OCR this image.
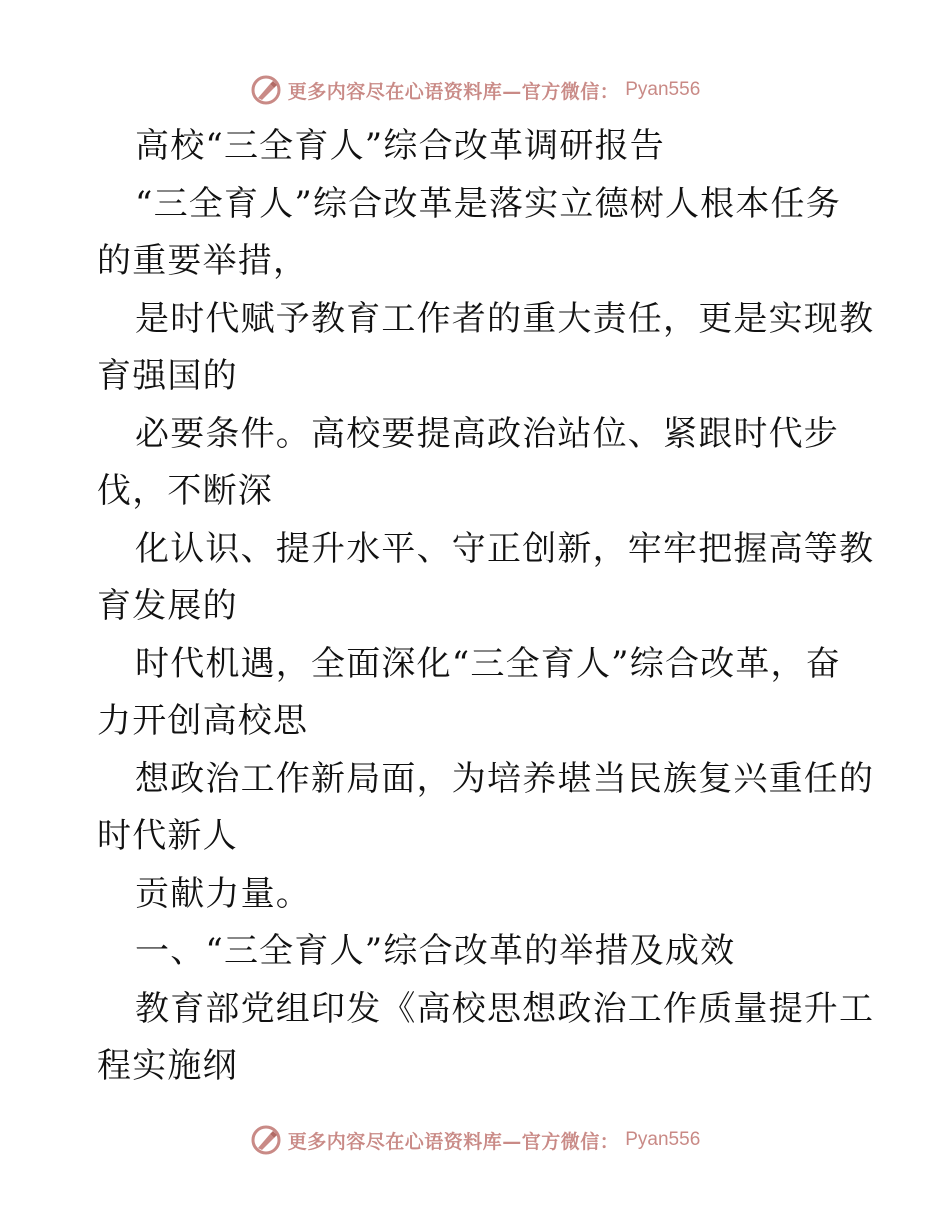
更多内容尽在心语资料库—官方微信： Pyan556
高校“三全育人”综合改革调研报告
“三全育人”综合改革是落实立德树人根本任务
的重要举措，
是时代赋予教育工作者的重大责任，更是实现教
育强国的
必要条件。高校要提高政治站位、紧跟时代步
伐，不断深
化认识、提升水平、守正创新，牢牢把握高等教
育发展的
时代机遇，全面深化“三全育人”综合改革，奋
力开创高校思
想政治工作新局面，为培养堪当民族复兴重任的
时代新人
贡献力量。
一、“三全育人”综合改革的举措及成效
教育部党组印发《高校思想政治工作质量提升工
程实施纲
更多内容尽在心语资料库—官方微信： Pyan556
